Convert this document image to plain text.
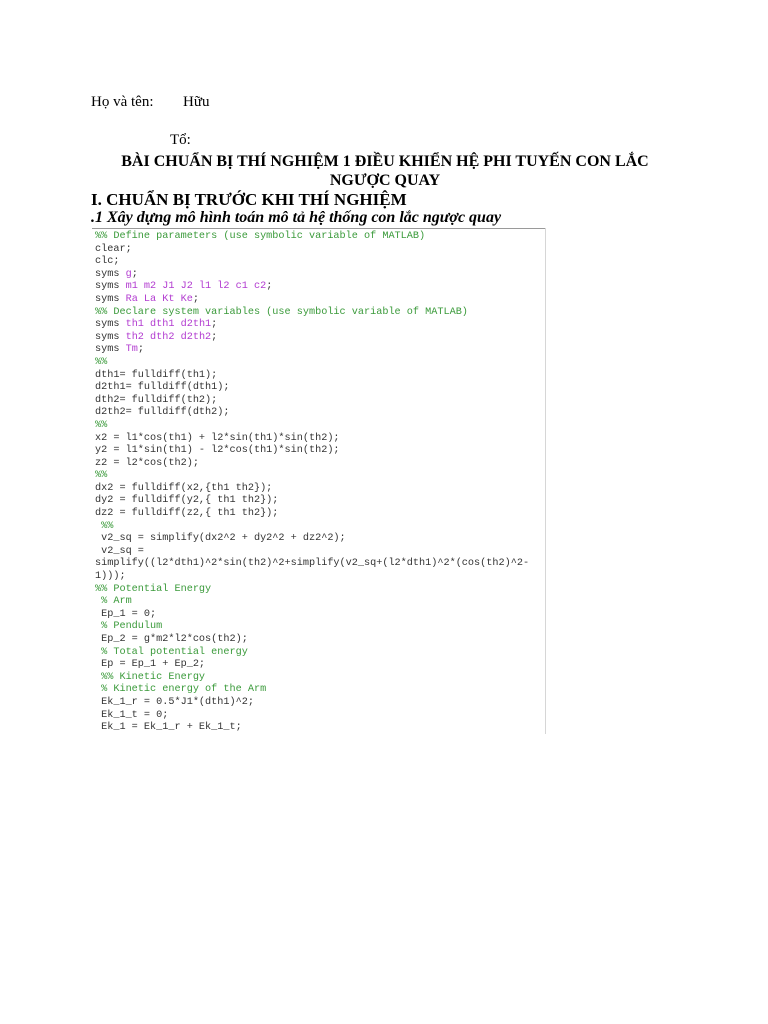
Họ và tên: Hữu
Tổ:
BÀI CHUẨN BỊ THÍ NGHIỆM 1 ĐIỀU KHIỂN HỆ PHI TUYẾN CON LẮC NGƯỢC QUAY
I. CHUẨN BỊ TRƯỚC KHI THÍ NGHIỆM
.1 Xây dựng mô hình toán mô tả hệ thống con lắc ngược quay
%% Define parameters (use symbolic variable of MATLAB)
clear;
clc;
syms g;
syms m1 m2 J1 J2 l1 l2 c1 c2;
syms Ra La Kt Ke;
%% Declare system variables (use symbolic variable of MATLAB)
syms th1 dth1 d2th1;
syms th2 dth2 d2th2;
syms Tm;
%%
dth1= fulldiff(th1);
d2th1= fulldiff(dth1);
dth2= fulldiff(th2);
d2th2= fulldiff(dth2);
%%
x2 = l1*cos(th1) + l2*sin(th1)*sin(th2);
y2 = l1*sin(th1) - l2*cos(th1)*sin(th2);
z2 = l2*cos(th2);
%%
dx2 = fulldiff(x2,{th1 th2});
dy2 = fulldiff(y2,{ th1 th2});
dz2 = fulldiff(z2,{ th1 th2});
%%
v2_sq = simplify(dx2^2 + dy2^2 + dz2^2);
v2_sq =
simplify((l2*dth1)^2*sin(th2)^2+simplify(v2_sq+(l2*dth1)^2*(cos(th2)^2-
1)));
%% Potential Energy
% Arm
Ep_1 = 0;
% Pendulum
Ep_2 = g*m2*l2*cos(th2);
% Total potential energy
Ep = Ep_1 + Ep_2;
%% Kinetic Energy
% Kinetic energy of the Arm
Ek_1_r = 0.5*J1*(dth1)^2;
Ek_1_t = 0;
Ek_1 = Ek_1_r + Ek_1_t;
